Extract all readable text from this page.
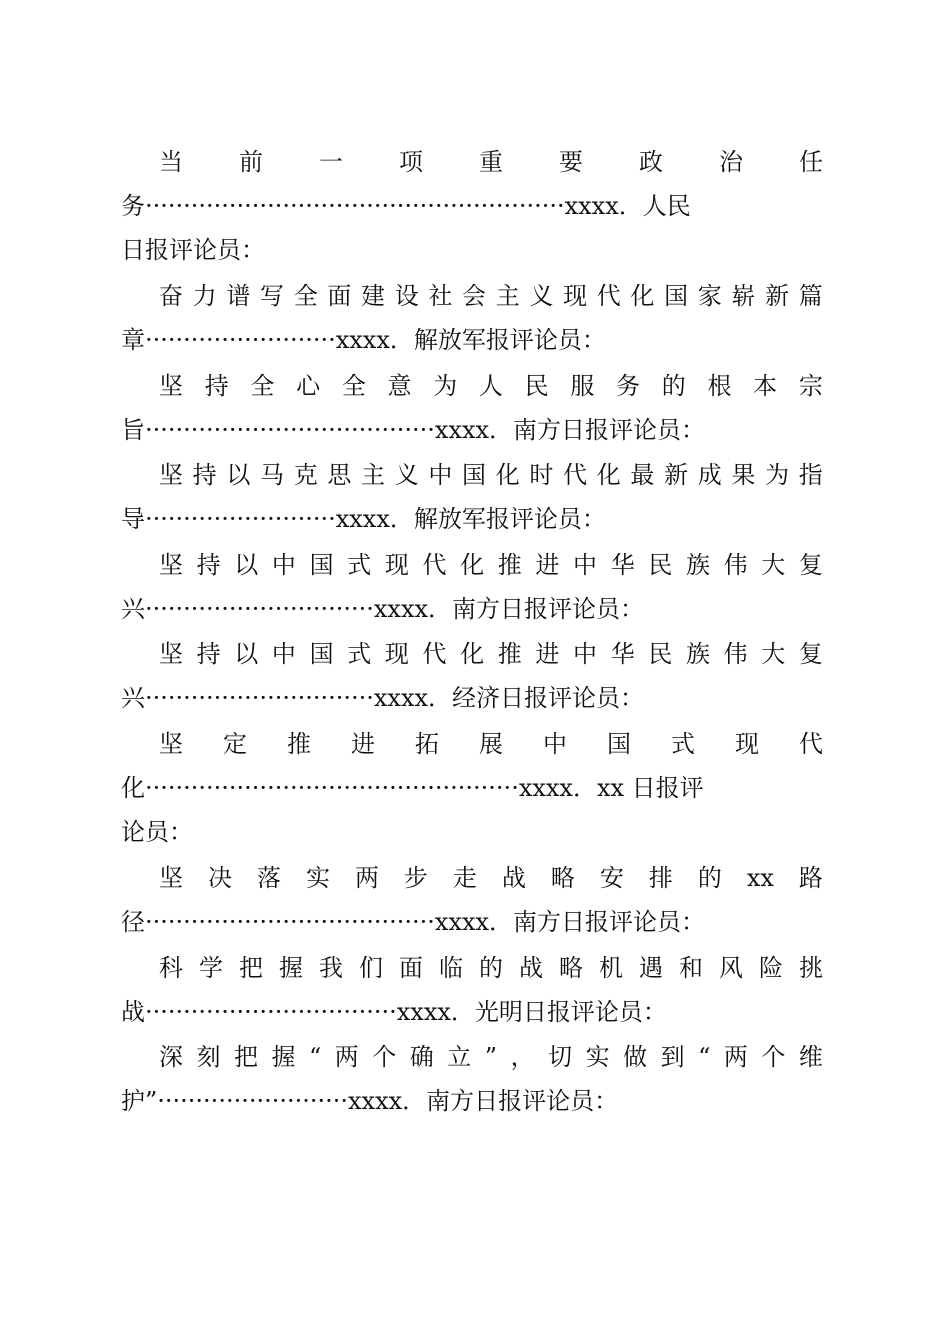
当 前 一 项 重 要 政 治 任
务·······················································xxxx．人民
日报评论员：
奋 力 谱 写 全 面 建 设 社 会 主 义 现 代 化 国 家 崭 新 篇
章·························xxxx．解放军报评论员：
坚 持 全 心 全 意 为 人 民 服 务 的 根 本 宗
旨······································xxxx．南方日报评论员：
坚 持 以 马 克 思 主 义 中 国 化 时 代 化 最 新 成 果 为 指
导·························xxxx．解放军报评论员：
坚 持 以 中 国 式 现 代 化 推 进 中 华 民 族 伟 大 复
兴······························xxxx．南方日报评论员：
坚 持 以 中 国 式 现 代 化 推 进 中 华 民 族 伟 大 复
兴······························xxxx．经济日报评论员：
坚 定 推 进 拓 展 中 国 式 现 代
化·················································xxxx．xx 日报评
论员：
坚 决 落 实 两 步 走 战 略 安 排 的 xx 路
径······································xxxx．南方日报评论员：
科 学 把 握 我 们 面 临 的 战 略 机 遇 和 风 险 挑
战·································xxxx．光明日报评论员：
深 刻 把 握 “ 两 个 确 立 ” ， 切 实 做 到 “ 两 个 维
护”·························xxxx．南方日报评论员：
